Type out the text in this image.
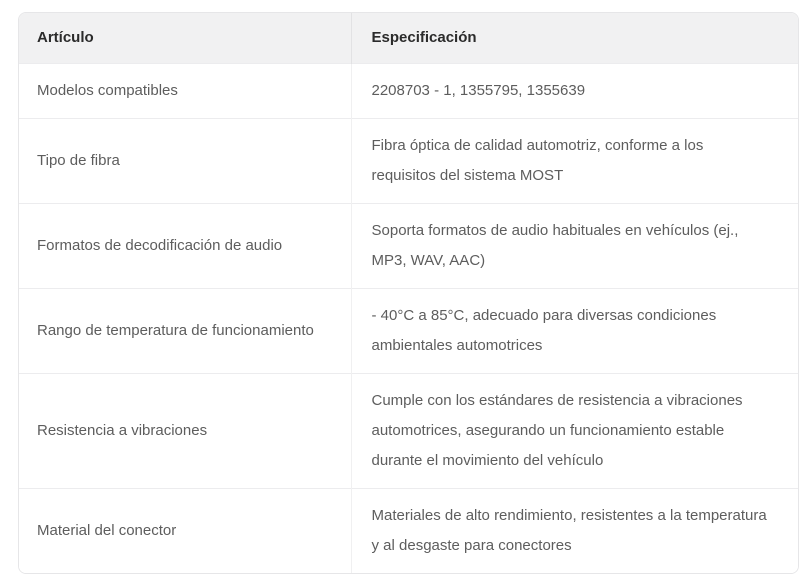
Artículo	Especificación
Modelos compatibles	2208703 - 1, 1355795, 1355639
Tipo de fibra	Fibra óptica de calidad automotriz, conforme a los requisitos del sistema MOST
Formatos de decodificación de audio	Soporta formatos de audio habituales en vehículos (ej., MP3, WAV, AAC)
Rango de temperatura de funcionamiento	- 40°C a 85°C, adecuado para diversas condiciones ambientales automotrices
Resistencia a vibraciones	Cumple con los estándares de resistencia a vibraciones automotrices, asegurando un funcionamiento estable durante el movimiento del vehículo
Material del conector	Materiales de alto rendimiento, resistentes a la temperatura y al desgaste para conectores
